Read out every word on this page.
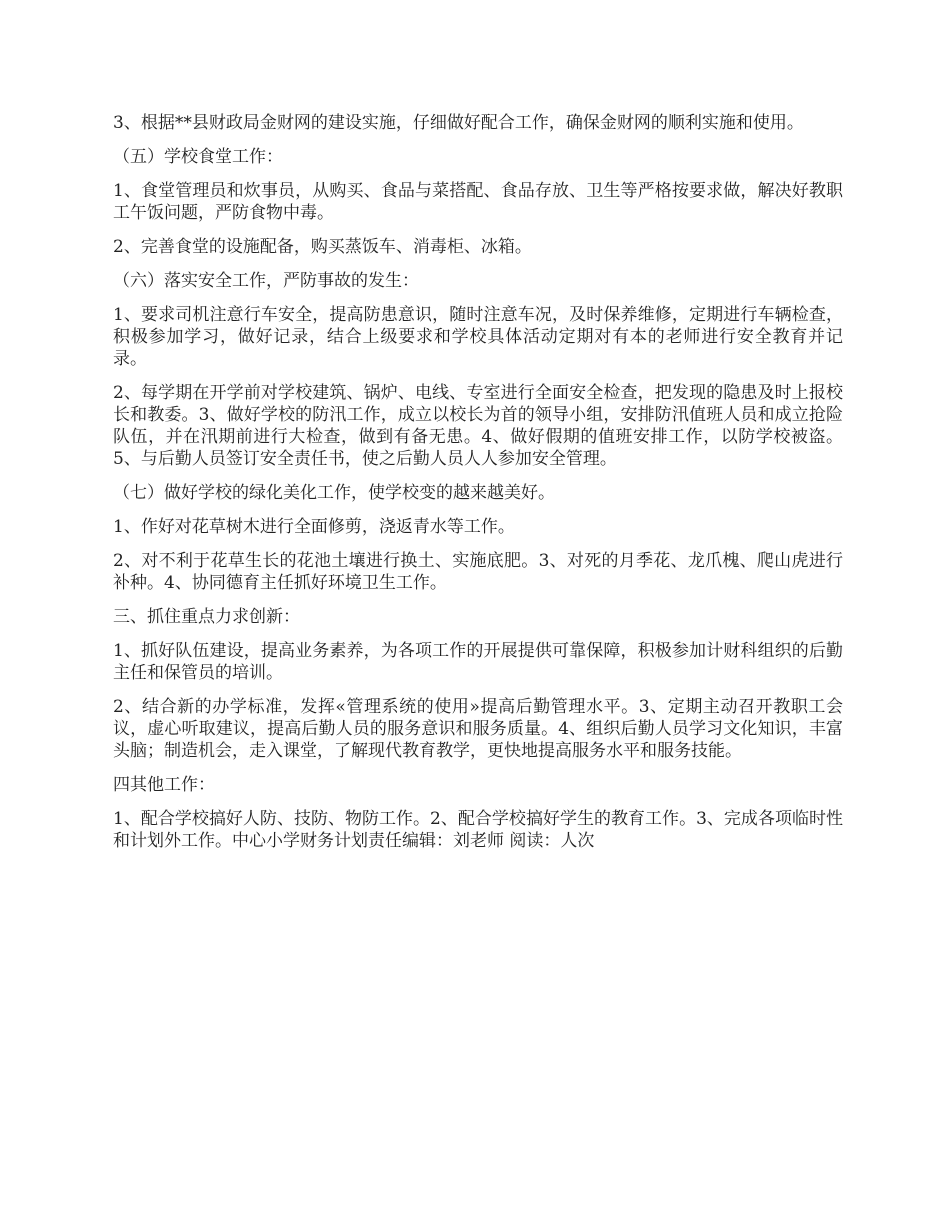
3、根据**县财政局金财网的建设实施，仔细做好配合工作，确保金财网的顺利实施和使用。

（五）学校食堂工作：

1、食堂管理员和炊事员，从购买、食品与菜搭配、食品存放、卫生等严格按要求做，解决好教职工午饭问题，严防食物中毒。

2、完善食堂的设施配备，购买蒸饭车、消毒柜、冰箱。

（六）落实安全工作，严防事故的发生：

1、要求司机注意行车安全，提高防患意识，随时注意车况，及时保养维修，定期进行车辆检查，积极参加学习，做好记录，结合上级要求和学校具体活动定期对有本的老师进行安全教育并记录。

2、每学期在开学前对学校建筑、锅炉、电线、专室进行全面安全检查，把发现的隐患及时上报校长和教委。3、做好学校的防汛工作，成立以校长为首的领导小组，安排防汛值班人员和成立抢险队伍，并在汛期前进行大检查，做到有备无患。4、做好假期的值班安排工作，以防学校被盗。5、与后勤人员签订安全责任书，使之后勤人员人人参加安全管理。

（七）做好学校的绿化美化工作，使学校变的越来越美好。

1、作好对花草树木进行全面修剪，浇返青水等工作。

2、对不利于花草生长的花池土壤进行换土、实施底肥。3、对死的月季花、龙爪槐、爬山虎进行补种。4、协同德育主任抓好环境卫生工作。

三、抓住重点力求创新：

1、抓好队伍建设，提高业务素养，为各项工作的开展提供可靠保障，积极参加计财科组织的后勤主任和保管员的培训。

2、结合新的办学标准，发挥«管理系统的使用»提高后勤管理水平。3、定期主动召开教职工会议，虚心听取建议，提高后勤人员的服务意识和服务质量。4、组织后勤人员学习文化知识，丰富头脑；制造机会，走入课堂，了解现代教育教学，更快地提高服务水平和服务技能。

四其他工作：

1、配合学校搞好人防、技防、物防工作。2、配合学校搞好学生的教育工作。3、完成各项临时性和计划外工作。中心小学财务计划责任编辑：刘老师 阅读：人次
